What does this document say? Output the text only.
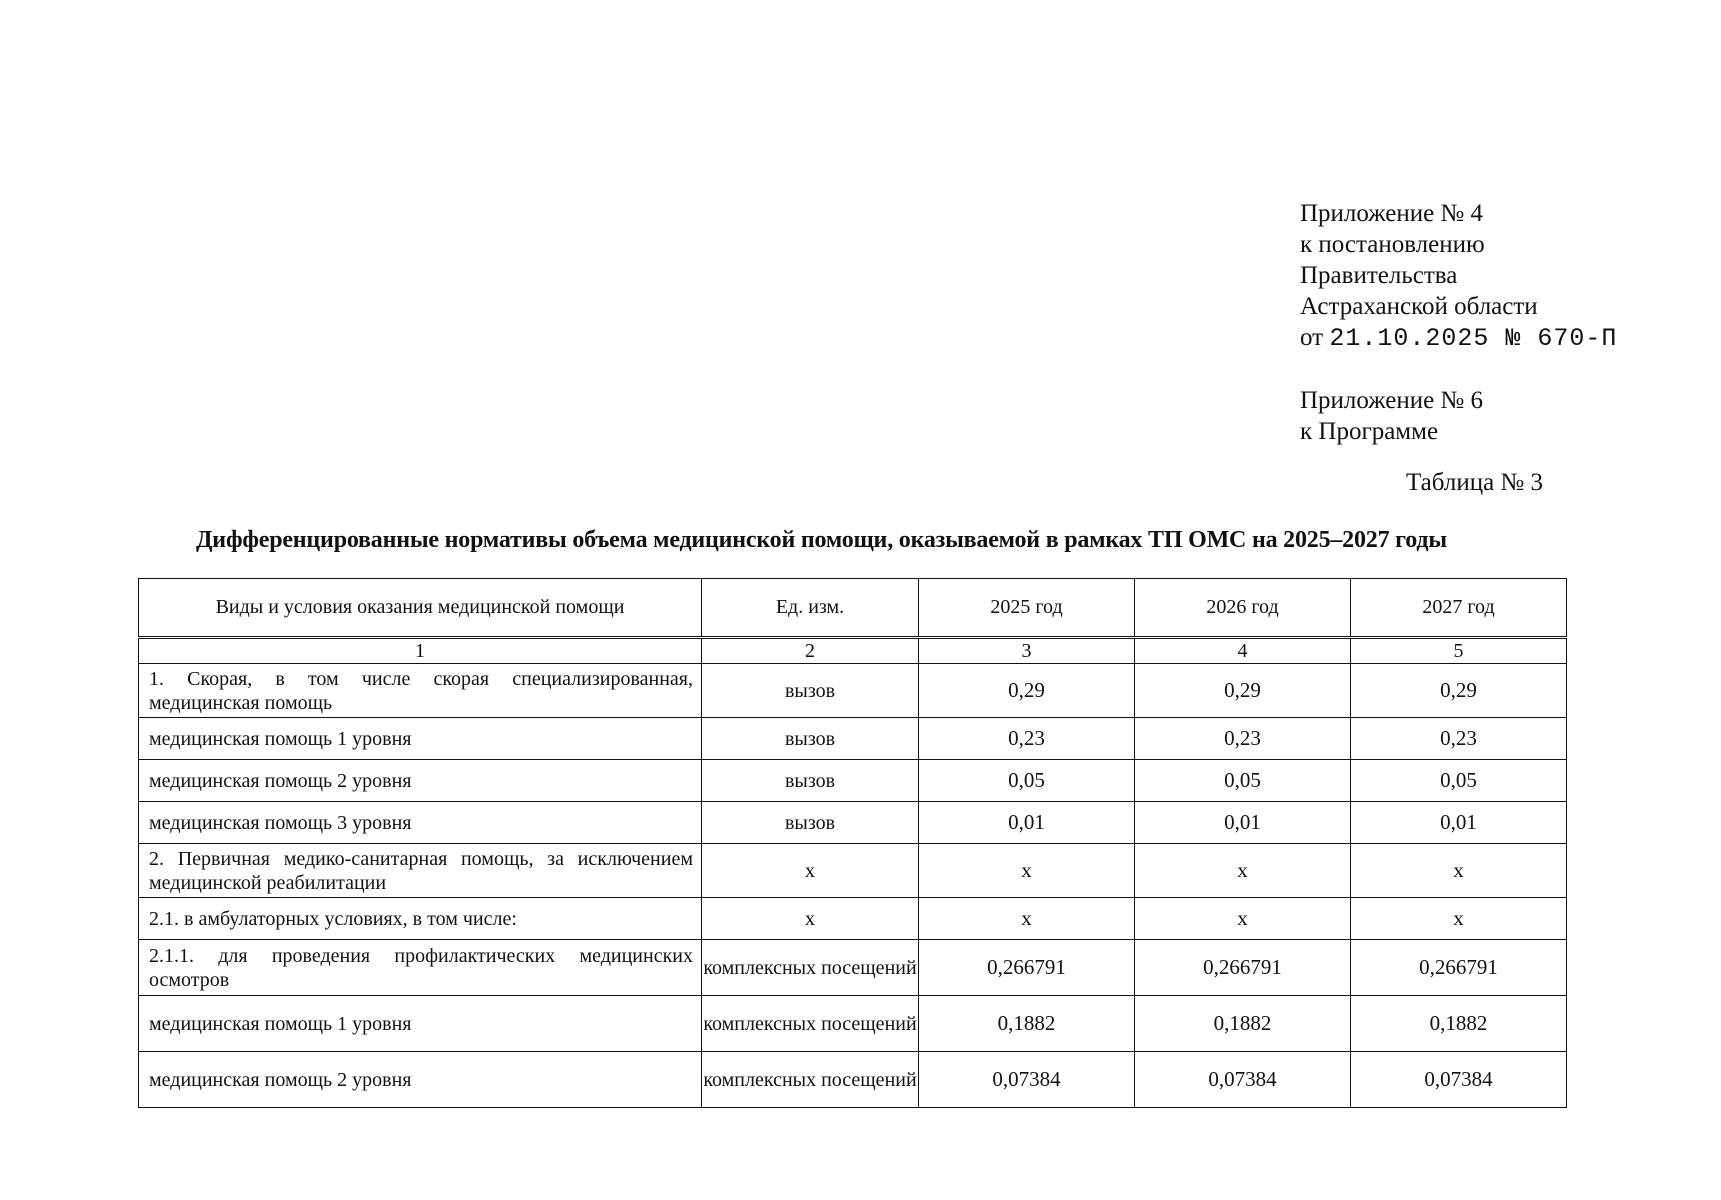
Приложение № 4
к постановлению
Правительства
Астраханской области
от 21.10.2025 № 670-П
Приложение № 6
к Программе
Таблица № 3
Дифференцированные нормативы объема медицинской помощи, оказываемой в рамках ТП ОМС на 2025–2027 годы
Виды и условия оказания медицинской помощи	Ед. изм.	2025 год	2026 год	2027 год
1	2	3	4	5
1. Скорая, в том числе скорая специализированная, медицинская помощь	вызов	0,29	0,29	0,29
медицинская помощь 1 уровня	вызов	0,23	0,23	0,23
медицинская помощь 2 уровня	вызов	0,05	0,05	0,05
медицинская помощь 3 уровня	вызов	0,01	0,01	0,01
2. Первичная медико-санитарная помощь, за исключением медицинской реабилитации	x	x	x	x
2.1. в амбулаторных условиях, в том числе:	x	x	x	x
2.1.1. для проведения профилактических медицинских осмотров	комплексных посещений	0,266791	0,266791	0,266791
медицинская помощь 1 уровня	комплексных посещений	0,1882	0,1882	0,1882
медицинская помощь 2 уровня	комплексных посещений	0,07384	0,07384	0,07384
